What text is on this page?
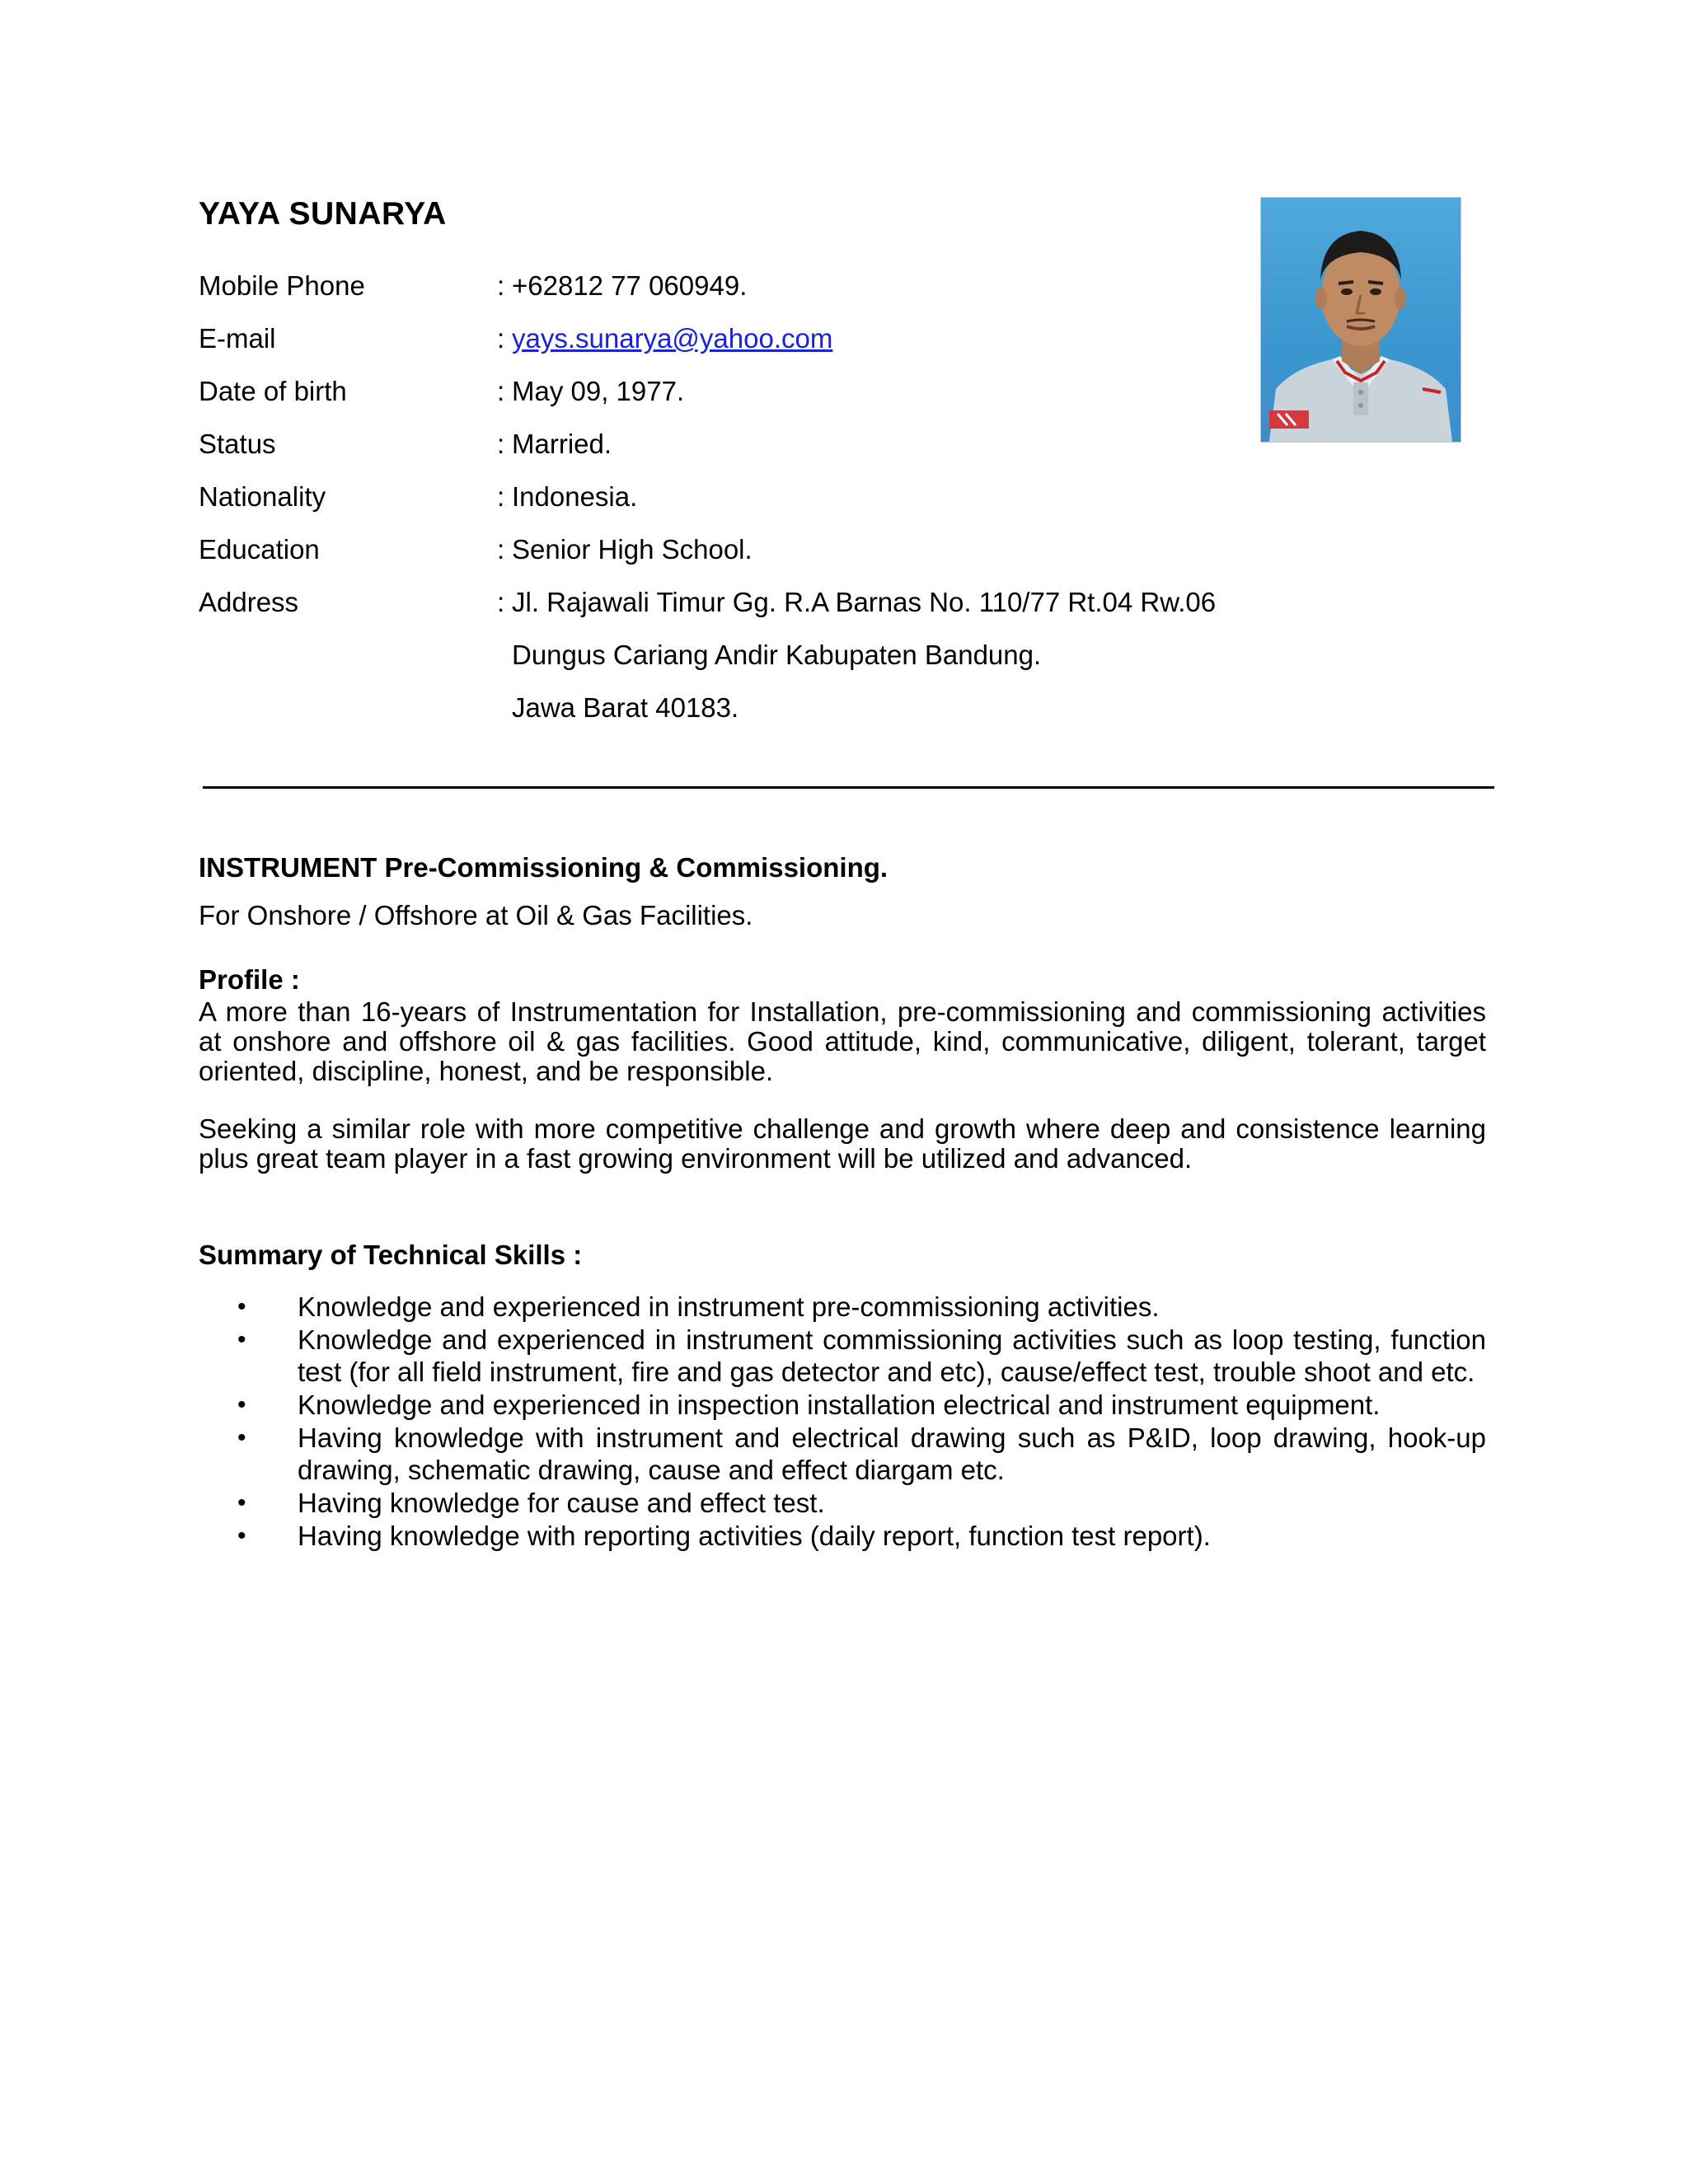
YAYA SUNARYA
Mobile Phone	: +62812 77 060949.
E-mail	: yays.sunarya@yahoo.com
Date of birth	: May 09, 1977.
Status	: Married.
Nationality	: Indonesia.
Education	: Senior High School.
Address	: Jl. Rajawali Timur Gg. R.A Barnas No. 110/77 Rt.04 Rw.06
Dungus Cariang Andir Kabupaten Bandung.
Jawa Barat 40183.
INSTRUMENT Pre-Commissioning & Commissioning.
For Onshore / Offshore at Oil & Gas Facilities.
Profile :
A more than 16-years of Instrumentation for Installation, pre-commissioning and commissioning activities at onshore and offshore oil & gas facilities. Good attitude, kind, communicative, diligent, tolerant, target oriented, discipline, honest, and be responsible.
Seeking a similar role with more competitive challenge and growth where deep and consistence learning plus great team player in a fast growing environment will be utilized and advanced.
Summary of Technical Skills :
• Knowledge and experienced in instrument pre-commissioning activities.
• Knowledge and experienced in instrument commissioning activities such as loop testing, function test (for all field instrument, fire and gas detector and etc), cause/effect test, trouble shoot and etc.
• Knowledge and experienced in inspection installation electrical and instrument equipment.
• Having knowledge with instrument and electrical drawing such as P&ID, loop drawing, hook-up drawing, schematic drawing, cause and effect diargam etc.
• Having knowledge for cause and effect test.
• Having knowledge with reporting activities (daily report, function test report).
